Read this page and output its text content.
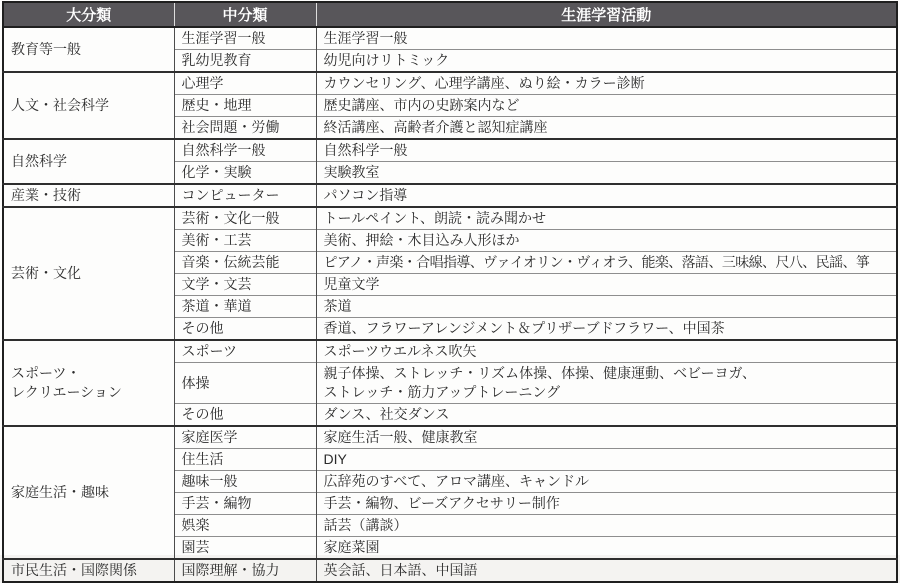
大分類	中分類	生涯学習活動
教育等一般	生涯学習一般	生涯学習一般
	乳幼児教育	幼児向けリトミック
人文・社会科学	心理学	カウンセリング、心理学講座、ぬり絵・カラー診断
	歴史・地理	歴史講座、市内の史跡案内など
	社会問題・労働	終活講座、高齢者介護と認知症講座
自然科学	自然科学一般	自然科学一般
	化学・実験	実験教室
産業・技術	コンピューター	パソコン指導
芸術・文化	芸術・文化一般	トールペイント、朗読・読み聞かせ
	美術・工芸	美術、押絵・木目込み人形ほか
	音楽・伝統芸能	ピアノ・声楽・合唱指導、ヴァイオリン・ヴィオラ、能楽、落語、三味線、尺八、民謡、箏
	文学・文芸	児童文学
	茶道・華道	茶道
	その他	香道、フラワーアレンジメント＆プリザーブドフラワー、中国茶

スポーツ・
レクリエーション	スポーツ	スポーツウエルネス吹矢
	体操	親子体操、ストレッチ・リズム体操、体操、健康運動、ベビーヨガ、
ストレッチ・筋力アップトレーニング

	その他	ダンス、社交ダンス
家庭生活・趣味	家庭医学	家庭生活一般、健康教室
	住生活	DIY
	趣味一般	広辞苑のすべて、アロマ講座、キャンドル
	手芸・編物	手芸・編物、ビーズアクセサリー制作
	娯楽	話芸（講談）
	園芸	家庭菜園
市民生活・国際関係	国際理解・協力	英会話、日本語、中国語
